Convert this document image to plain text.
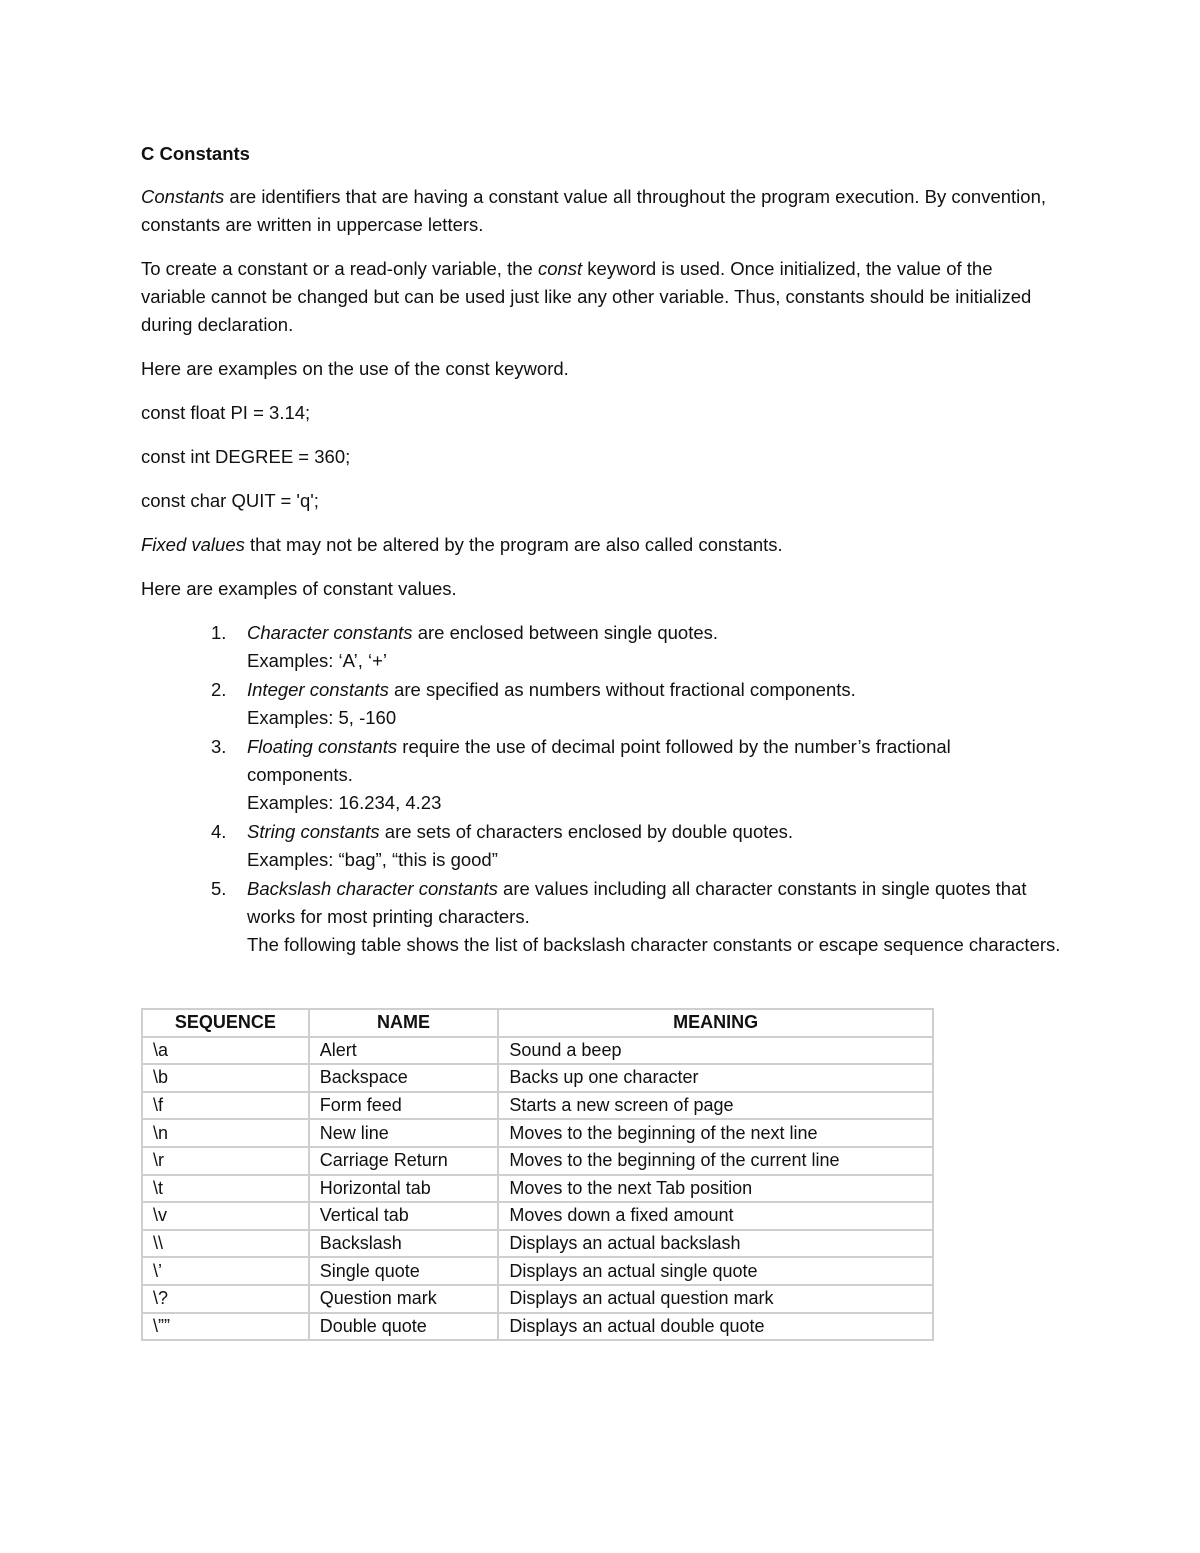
C Constants

Constants are identifiers that are having a constant value all throughout the program execution. By convention, constants are written in uppercase letters.

To create a constant or a read-only variable, the const keyword is used. Once initialized, the value of the variable cannot be changed but can be used just like any other variable. Thus, constants should be initialized during declaration.

Here are examples on the use of the const keyword.

const float PI = 3.14;

const int DEGREE = 360;

const char QUIT = 'q';

Fixed values that may not be altered by the program are also called constants.

Here are examples of constant values.

1. Character constants are enclosed between single quotes.
Examples: ‘A’, ‘+’
2. Integer constants are specified as numbers without fractional components.
Examples: 5, -160
3. Floating constants require the use of decimal point followed by the number’s fractional components.
Examples: 16.234, 4.23
4. String constants are sets of characters enclosed by double quotes.
Examples: “bag”, “this is good”
5. Backslash character constants are values including all character constants in single quotes that works for most printing characters.
The following table shows the list of backslash character constants or escape sequence characters.
SEQUENCE	NAME	MEANING
\a	Alert	Sound a beep
\b	Backspace	Backs up one character
\f	Form feed	Starts a new screen of page
\n	New line	Moves to the beginning of the next line
\r	Carriage Return	Moves to the beginning of the current line
\t	Horizontal tab	Moves to the next Tab position
\v	Vertical tab	Moves down a fixed amount
\\	Backslash	Displays an actual backslash
\’	Single quote	Displays an actual single quote
\?	Question mark	Displays an actual question mark
\””	Double quote	Displays an actual double quote
